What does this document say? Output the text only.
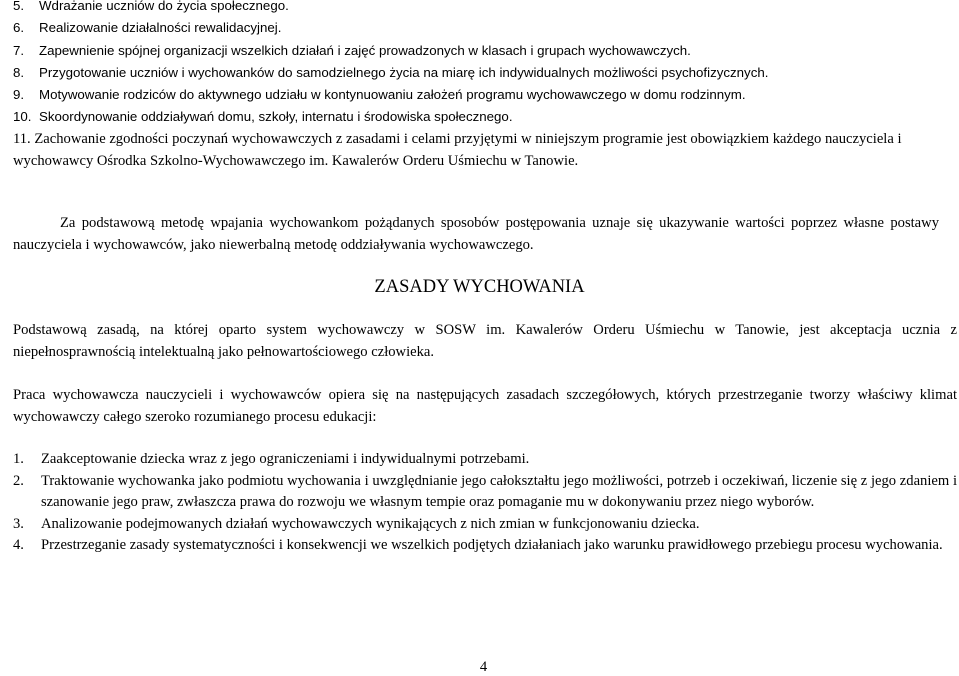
5.	Wdrażanie uczniów do życia społecznego.
6.	Realizowanie działalności rewalidacyjnej.
7.	Zapewnienie spójnej organizacji wszelkich działań i zajęć prowadzonych w klasach i grupach wychowawczych.
8.	Przygotowanie uczniów i wychowanków do samodzielnego życia na miarę ich indywidualnych możliwości psychofizycznych.
9.	Motywowanie rodziców do aktywnego udziału w kontynuowaniu założeń programu wychowawczego w domu rodzinnym.
10. Skoordynowanie oddziaływań domu, szkoły, internatu i środowiska społecznego.
11. Zachowanie zgodności poczynań wychowawczych z zasadami i celami przyjętymi w niniejszym programie jest obowiązkiem każdego nauczyciela i wychowawcy Ośrodka Szkolno-Wychowawczego im. Kawalerów Orderu Uśmiechu w Tanowie.
Za podstawową metodę wpajania wychowankom pożądanych sposobów postępowania uznaje się ukazywanie wartości poprzez własne postawy nauczyciela i wychowawców, jako niewerbalną metodę oddziaływania wychowawczego.
ZASADY WYCHOWANIA
Podstawową zasadą, na której oparto system wychowawczy w SOSW im. Kawalerów Orderu Uśmiechu w Tanowie, jest akceptacja ucznia z niepełnosprawnością intelektualną jako pełnowartościowego człowieka.
Praca wychowawcza nauczycieli i wychowawców opiera się na następujących zasadach szczegółowych, których przestrzeganie tworzy właściwy klimat wychowawczy całego szeroko rozumianego procesu edukacji:
1.	Zaakceptowanie dziecka wraz z jego ograniczeniami i indywidualnymi potrzebami.
2.	Traktowanie wychowanka jako podmiotu wychowania i uwzględnianie jego całokształtu jego możliwości, potrzeb i oczekiwań, liczenie się z jego zdaniem i szanowanie jego praw, zwłaszcza prawa do rozwoju we własnym tempie oraz pomaganie mu w dokonywaniu przez niego wyborów.
3.	Analizowanie podejmowanych działań wychowawczych wynikających z nich zmian w funkcjonowaniu dziecka.
4.	Przestrzeganie zasady systematyczności i konsekwencji we wszelkich podjętych działaniach jako warunku prawidłowego przebiegu procesu wychowania.
4
